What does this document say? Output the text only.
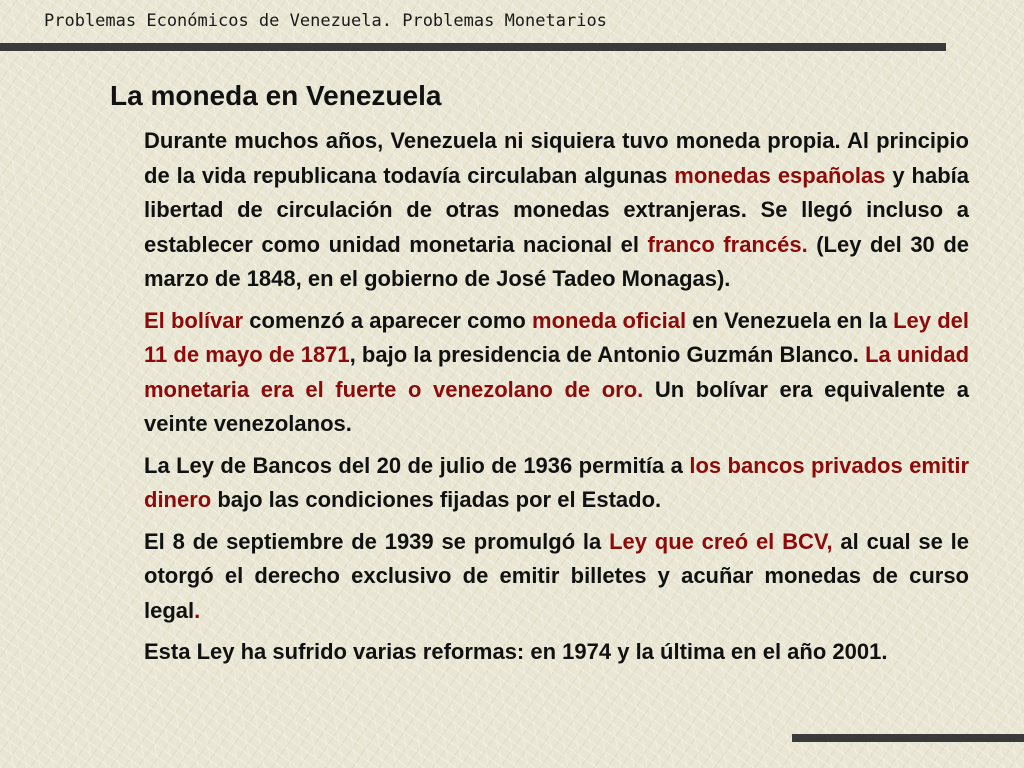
Problemas Económicos de Venezuela. Problemas Monetarios
La moneda en Venezuela

Durante muchos años, Venezuela ni siquiera tuvo moneda propia. Al principio de la vida republicana todavía circulaban algunas monedas españolas y había libertad de circulación de otras monedas extranjeras. Se llegó incluso a establecer como unidad monetaria nacional el franco francés. (Ley del 30 de marzo de 1848, en el gobierno de José Tadeo Monagas).

El bolívar comenzó a aparecer como moneda oficial en Venezuela en la Ley del 11 de mayo de 1871, bajo la presidencia de Antonio Guzmán Blanco. La unidad monetaria era el fuerte o venezolano de oro. Un bolívar era equivalente a veinte venezolanos.

La Ley de Bancos del 20 de julio de 1936 permitía a los bancos privados emitir dinero bajo las condiciones fijadas por el Estado.

El 8 de septiembre de 1939 se promulgó la Ley que creó el BCV, al cual se le otorgó el derecho exclusivo de emitir billetes y acuñar monedas de curso legal.

Esta Ley ha sufrido varias reformas: en 1974 y la última en el año 2001.
